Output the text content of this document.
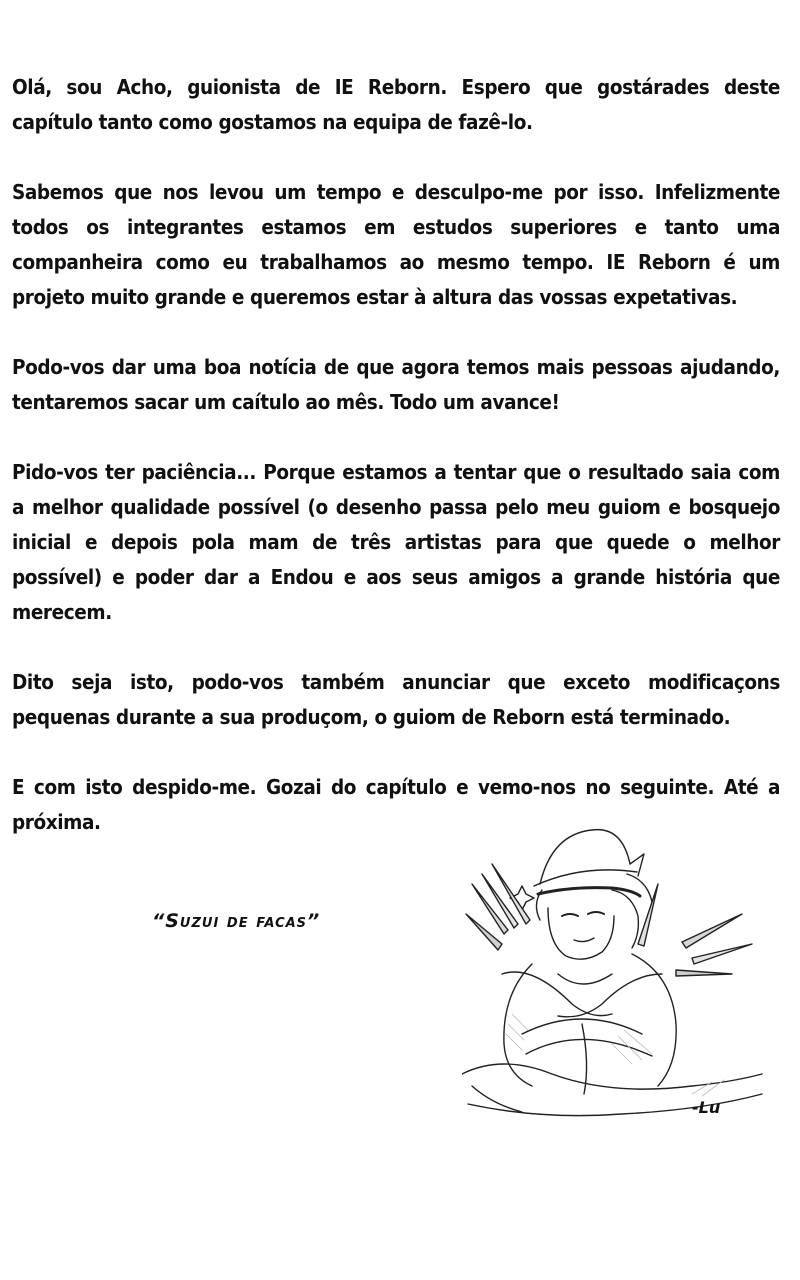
Olá, sou Acho, guionista de IE Reborn. Espero que gostárades deste capítulo tanto como gostamos na equipa de fazê-lo.

Sabemos que nos levou um tempo e desculpo-me por isso. Infelizmente todos os integrantes estamos em estudos superiores e tanto uma companheira como eu trabalhamos ao mesmo tempo. IE Reborn é um projeto muito grande e queremos estar à altura das vossas expetativas.

Podo-vos dar uma boa notícia de que agora temos mais pessoas ajudando, tentaremos sacar um caítulo ao mês. Todo um avance!

Pido-vos ter paciência... Porque estamos a tentar que o resultado saia com a melhor qualidade possível (o desenho passa pelo meu guiom e bosquejo inicial e depois pola mam de três artistas para que quede o melhor possível) e poder dar a Endou e aos seus amigos a grande história que merecem.

Dito seja isto, podo-vos também anunciar que exceto modificaçons pequenas durante a sua produçom, o guiom de Reborn está terminado.

E com isto despido-me. Gozai do capítulo e vemo-nos no seguinte. Até a próxima.

“Suzui de facas”
-Lu
